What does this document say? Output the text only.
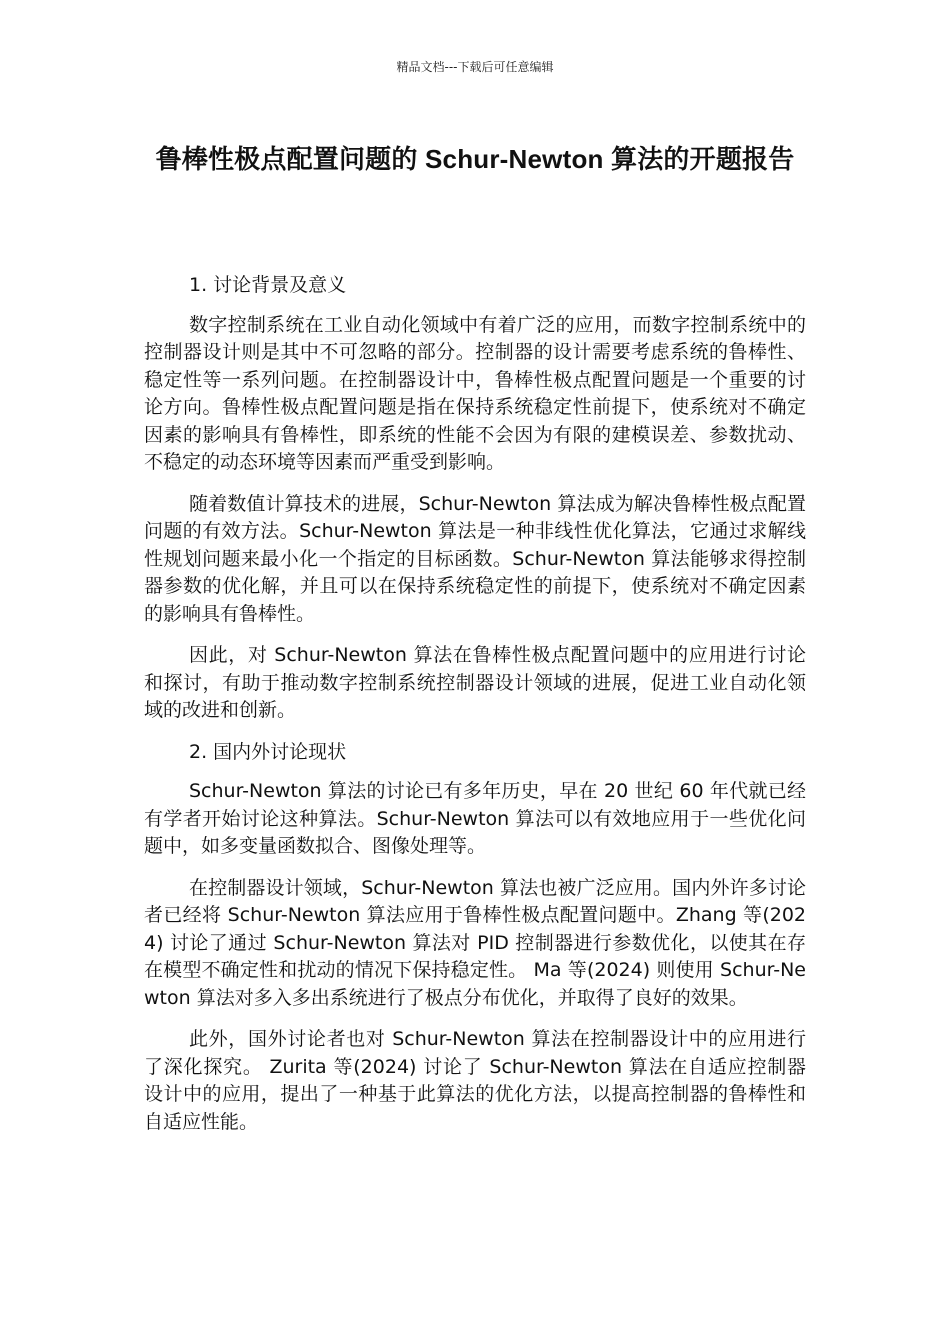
精品文档---下载后可任意编辑
鲁棒性极点配置问题的 Schur-Newton 算法的开题报告

1. 讨论背景及意义

数字控制系统在工业自动化领域中有着广泛的应用，而数字控制系统中的控制器设计则是其中不可忽略的部分。控制器的设计需要考虑系统的鲁棒性、稳定性等一系列问题。在控制器设计中，鲁棒性极点配置问题是一个重要的讨论方向。鲁棒性极点配置问题是指在保持系统稳定性前提下，使系统对不确定因素的影响具有鲁棒性，即系统的性能不会因为有限的建模误差、参数扰动、不稳定的动态环境等因素而严重受到影响。

随着数值计算技术的进展，Schur-Newton 算法成为解决鲁棒性极点配置问题的有效方法。Schur-Newton 算法是一种非线性优化算法，它通过求解线性规划问题来最小化一个指定的目标函数。Schur-Newton 算法能够求得控制器参数的优化解，并且可以在保持系统稳定性的前提下，使系统对不确定因素的影响具有鲁棒性。

因此，对 Schur-Newton 算法在鲁棒性极点配置问题中的应用进行讨论和探讨，有助于推动数字控制系统控制器设计领域的进展，促进工业自动化领域的改进和创新。

2. 国内外讨论现状

Schur-Newton 算法的讨论已有多年历史，早在 20 世纪 60 年代就已经有学者开始讨论这种算法。Schur-Newton 算法可以有效地应用于一些优化问题中，如多变量函数拟合、图像处理等。

在控制器设计领域，Schur-Newton 算法也被广泛应用。国内外许多讨论者已经将 Schur-Newton 算法应用于鲁棒性极点配置问题中。Zhang 等(2024) 讨论了通过 Schur-Newton 算法对 PID 控制器进行参数优化，以使其在存在模型不确定性和扰动的情况下保持稳定性。 Ma 等(2024) 则使用 Schur-Newton 算法对多入多出系统进行了极点分布优化，并取得了良好的效果。

此外，国外讨论者也对 Schur-Newton 算法在控制器设计中的应用进行了深化探究。 Zurita 等(2024) 讨论了 Schur-Newton 算法在自适应控制器设计中的应用，提出了一种基于此算法的优化方法，以提高控制器的鲁棒性和自适应性能。
